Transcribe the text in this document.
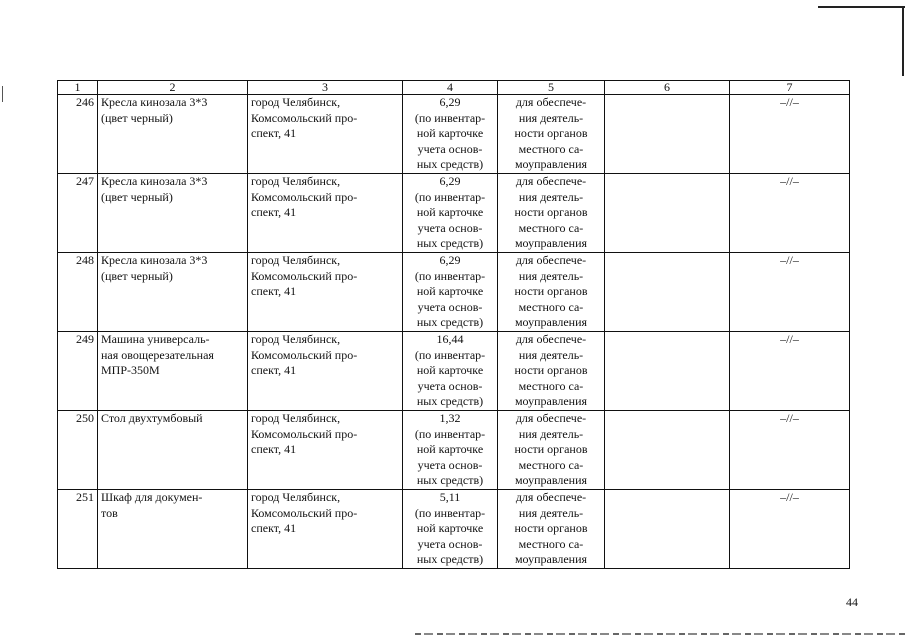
1	2	3	4	5	6	7
246	Кресла кинозала 3*3
(цвет черный)	город Челябинск,
Комсомольский про-
спект, 41	6,29
(по инвентар-
ной карточке
учета основ-
ных средств)	для обеспече-
ния деятель-
ности органов
местного са-
моуправления		–//–
247	Кресла кинозала 3*3
(цвет черный)	город Челябинск,
Комсомольский про-
спект, 41	6,29
(по инвентар-
ной карточке
учета основ-
ных средств)	для обеспече-
ния деятель-
ности органов
местного са-
моуправления		–//–
248	Кресла кинозала 3*3
(цвет черный)	город Челябинск,
Комсомольский про-
спект, 41	6,29
(по инвентар-
ной карточке
учета основ-
ных средств)	для обеспече-
ния деятель-
ности органов
местного са-
моуправления		–//–
249	Машина универсаль-
ная овощерезательная
МПР-350М	город Челябинск,
Комсомольский про-
спект, 41	16,44
(по инвентар-
ной карточке
учета основ-
ных средств)	для обеспече-
ния деятель-
ности органов
местного са-
моуправления		–//–
250	Стол двухтумбовый	город Челябинск,
Комсомольский про-
спект, 41	1,32
(по инвентар-
ной карточке
учета основ-
ных средств)	для обеспече-
ния деятель-
ности органов
местного са-
моуправления		–//–
251	Шкаф для докумен-
тов	город Челябинск,
Комсомольский про-
спект, 41	5,11
(по инвентар-
ной карточке
учета основ-
ных средств)	для обеспече-
ния деятель-
ности органов
местного са-
моуправления		–//–
44
